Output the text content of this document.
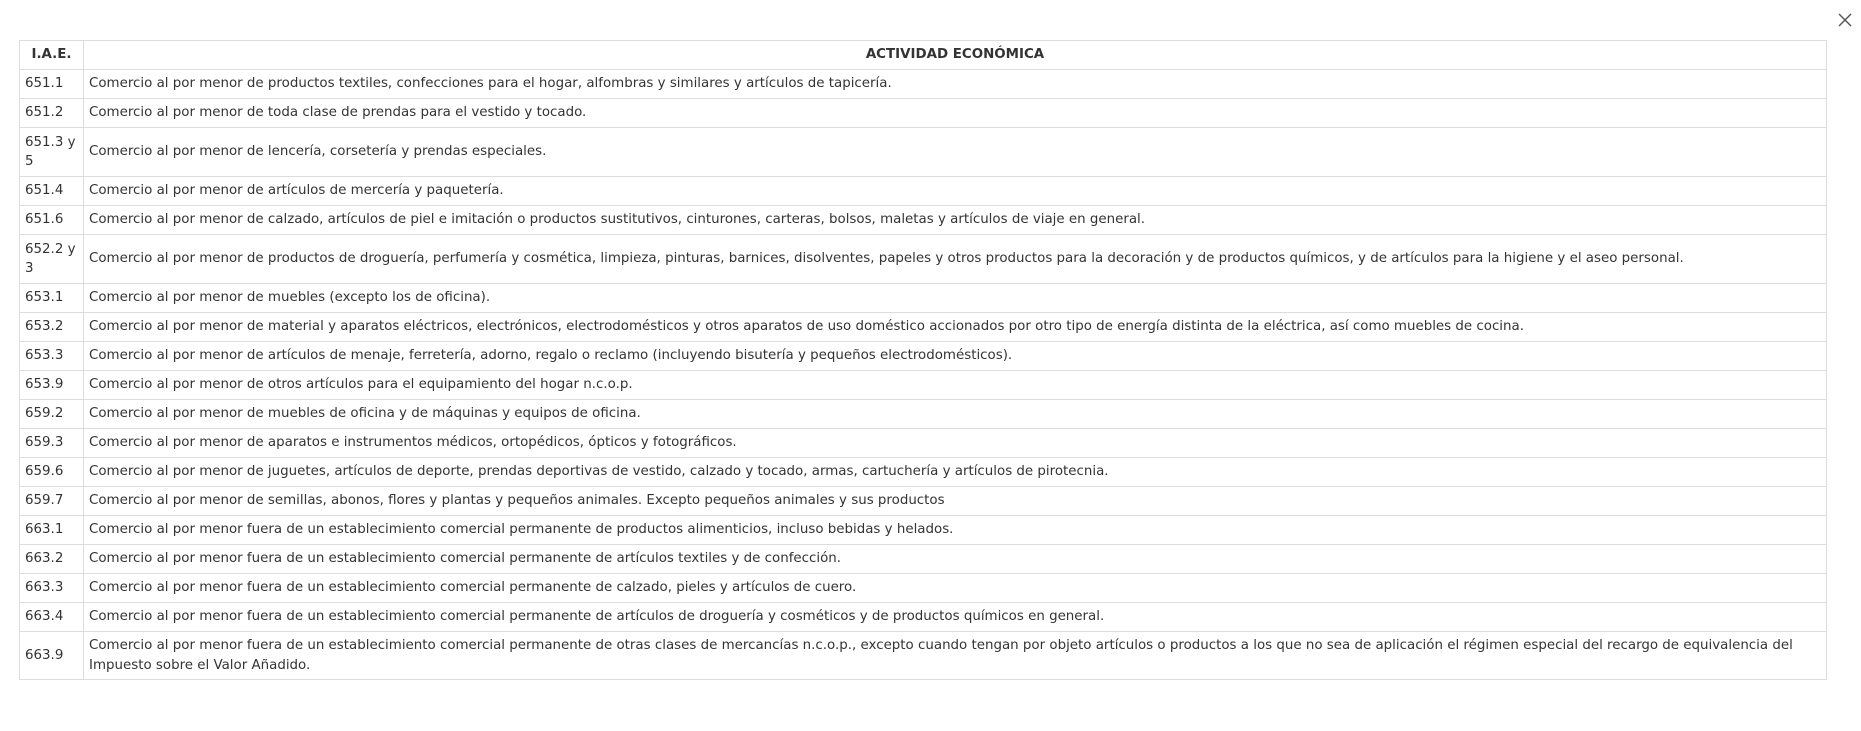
I.A.E.	ACTIVIDAD ECONÓMICA
651.1	Comercio al por menor de productos textiles, confecciones para el hogar, alfombras y similares y artículos de tapicería.
651.2	Comercio al por menor de toda clase de prendas para el vestido y tocado.
651.3 y 5	Comercio al por menor de lencería, corsetería y prendas especiales.
651.4	Comercio al por menor de artículos de mercería y paquetería.
651.6	Comercio al por menor de calzado, artículos de piel e imitación o productos sustitutivos, cinturones, carteras, bolsos, maletas y artículos de viaje en general.
652.2 y 3	Comercio al por menor de productos de droguería, perfumería y cosmética, limpieza, pinturas, barnices, disolventes, papeles y otros productos para la decoración y de productos químicos, y de artículos para la higiene y el aseo personal.
653.1	Comercio al por menor de muebles (excepto los de oficina).
653.2	Comercio al por menor de material y aparatos eléctricos, electrónicos, electrodomésticos y otros aparatos de uso doméstico accionados por otro tipo de energía distinta de la eléctrica, así como muebles de cocina.
653.3	Comercio al por menor de artículos de menaje, ferretería, adorno, regalo o reclamo (incluyendo bisutería y pequeños electrodomésticos).
653.9	Comercio al por menor de otros artículos para el equipamiento del hogar n.c.o.p.
659.2	Comercio al por menor de muebles de oficina y de máquinas y equipos de oficina.
659.3	Comercio al por menor de aparatos e instrumentos médicos, ortopédicos, ópticos y fotográficos.
659.6	Comercio al por menor de juguetes, artículos de deporte, prendas deportivas de vestido, calzado y tocado, armas, cartuchería y artículos de pirotecnia.
659.7	Comercio al por menor de semillas, abonos, flores y plantas y pequeños animales. Excepto pequeños animales y sus productos
663.1	Comercio al por menor fuera de un establecimiento comercial permanente de productos alimenticios, incluso bebidas y helados.
663.2	Comercio al por menor fuera de un establecimiento comercial permanente de artículos textiles y de confección.
663.3	Comercio al por menor fuera de un establecimiento comercial permanente de calzado, pieles y artículos de cuero.
663.4	Comercio al por menor fuera de un establecimiento comercial permanente de artículos de droguería y cosméticos y de productos químicos en general.
663.9	Comercio al por menor fuera de un establecimiento comercial permanente de otras clases de mercancías n.c.o.p., excepto cuando tengan por objeto artículos o productos a los que no sea de aplicación el régimen especial del recargo de equivalencia del Impuesto sobre el Valor Añadido.
